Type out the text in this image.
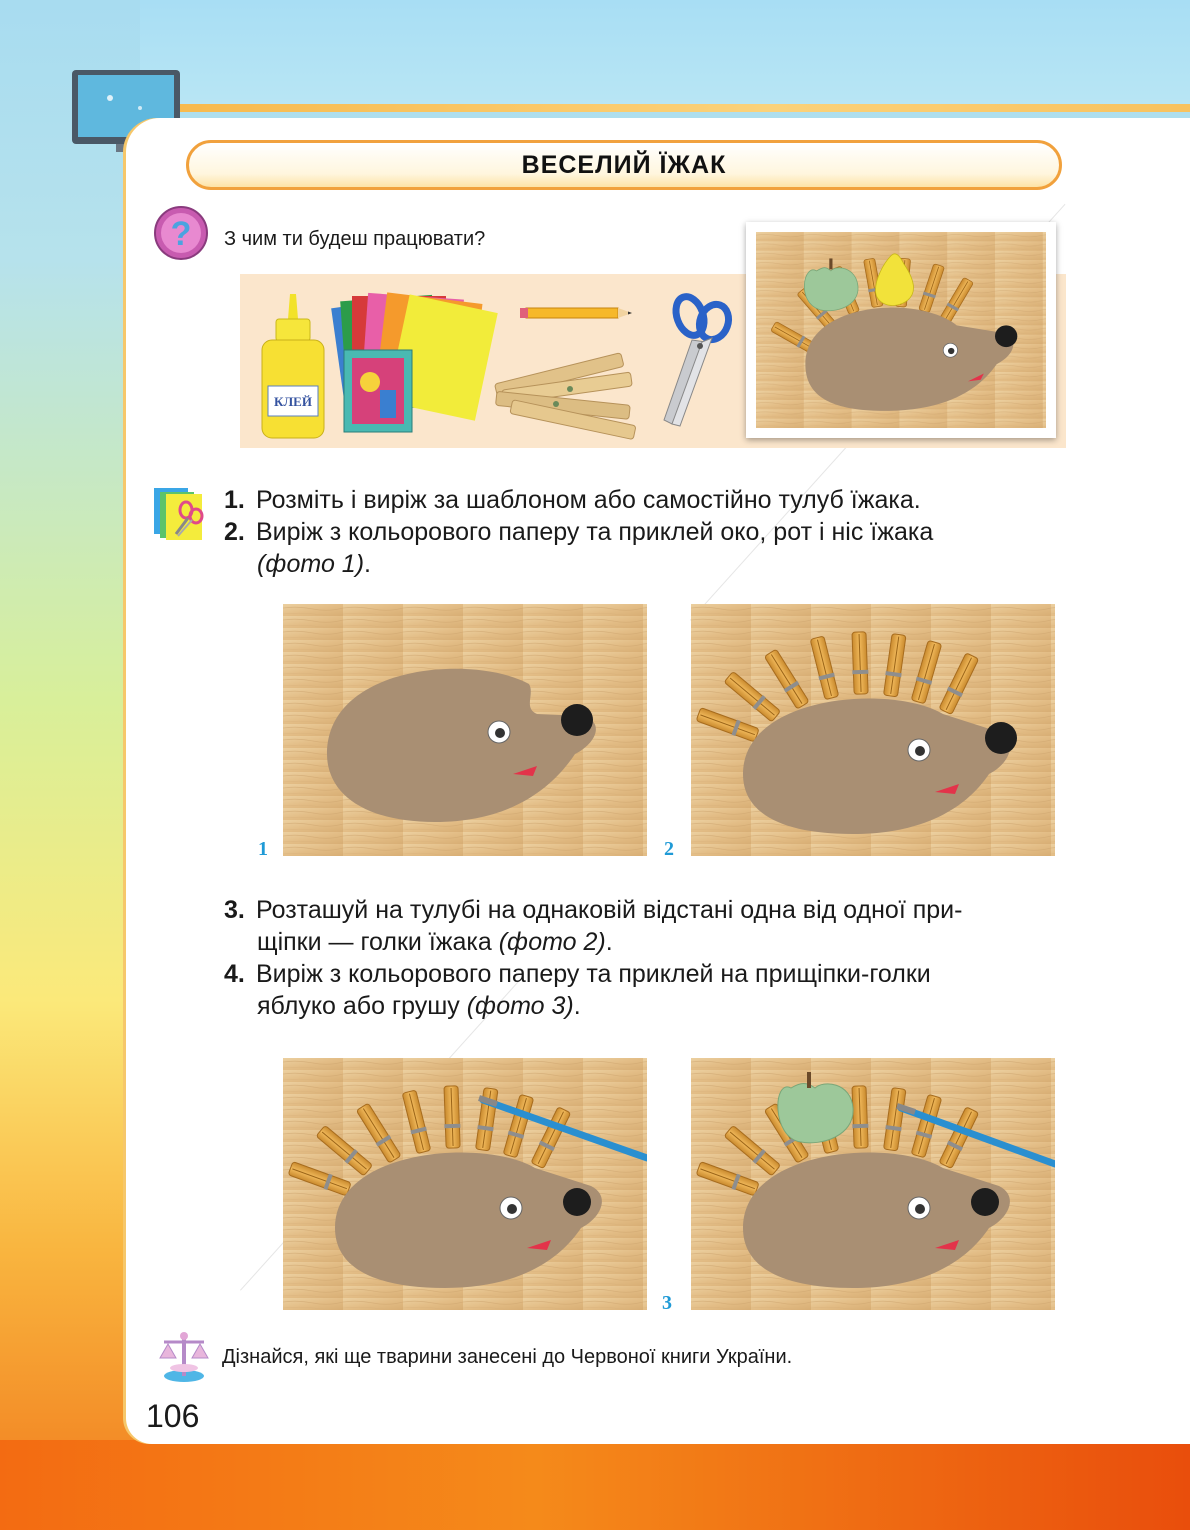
ВЕСЕЛИЙ ЇЖАК
? З чим ти будеш працювати?
КЛЕЙ
1. Розміть і виріж за шаблоном або самостійно тулуб їжака.
2. Виріж з кольорового паперу та приклей око, рот і ніс їжака
(фото 1).
1	2
3. Розташуй на тулубі на однаковій відстані одна від одної при-
щіпки — голки їжака (фото 2).
4. Виріж з кольорового паперу та приклей на прищіпки-голки
яблуко або грушу (фото 3).
3
Дізнайся, які ще тварини занесені до Червоної книги України.
106
